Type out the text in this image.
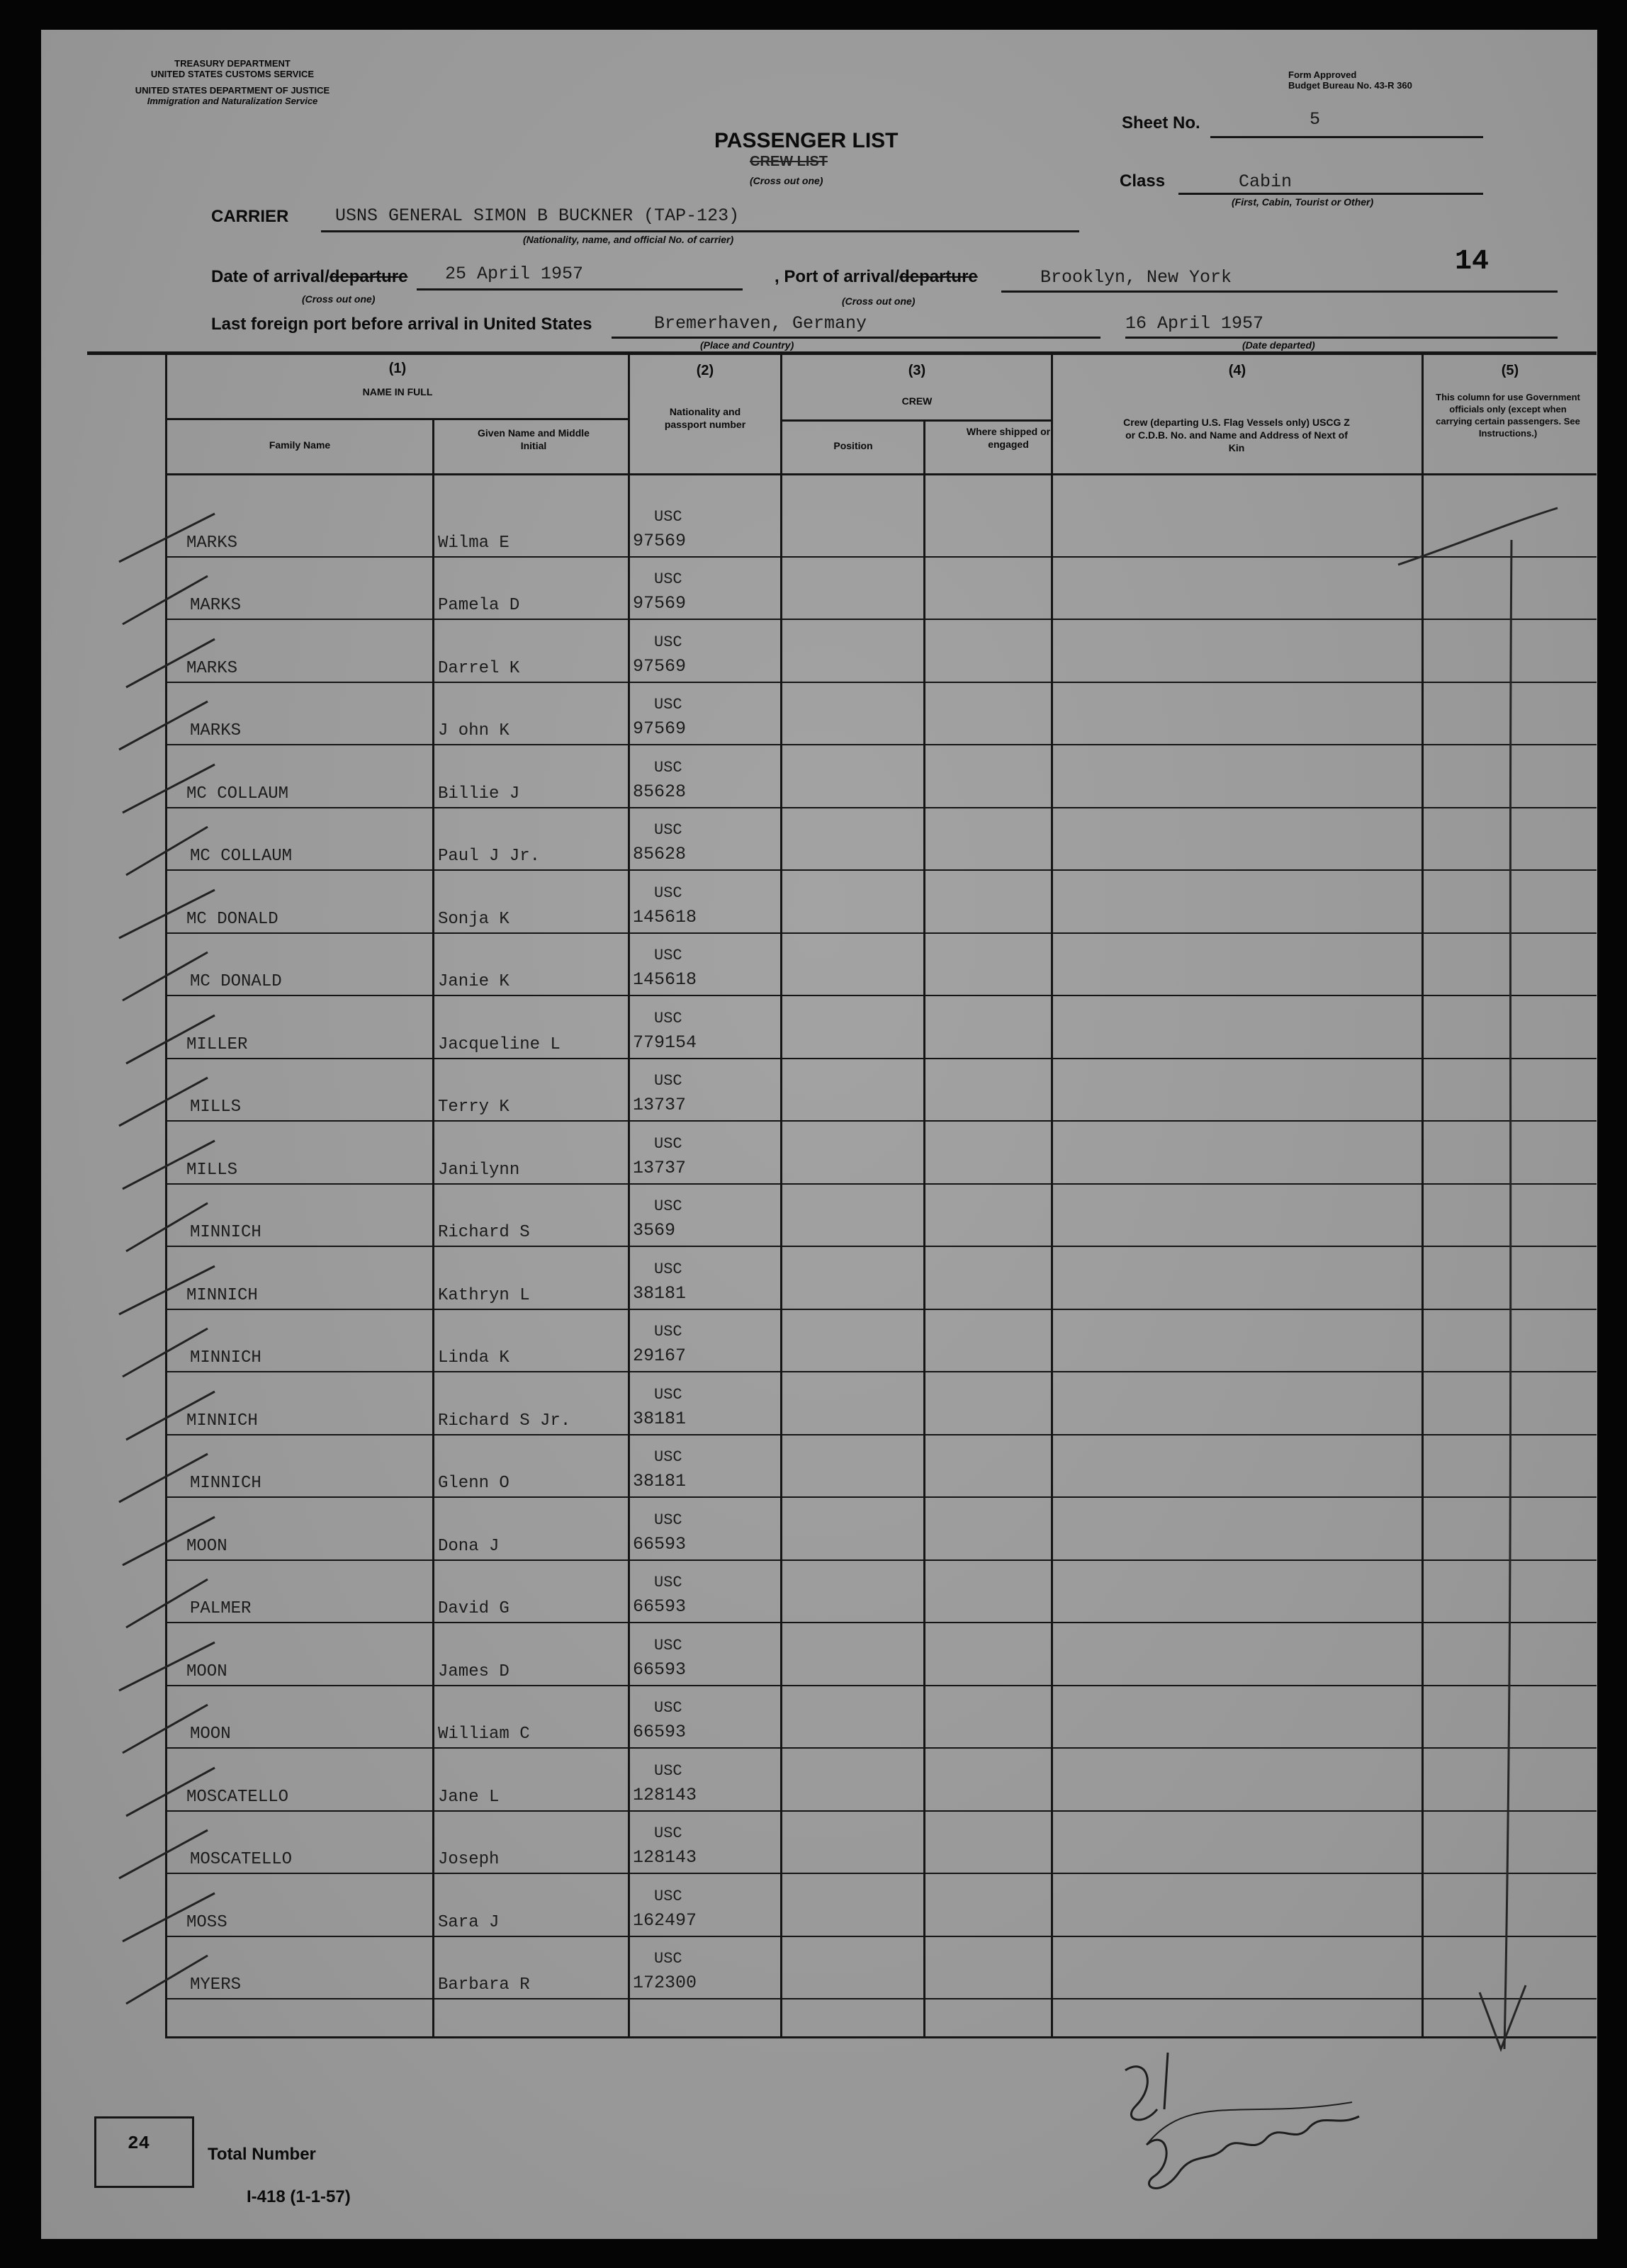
TREASURY DEPARTMENT
UNITED STATES CUSTOMS SERVICE
UNITED STATES DEPARTMENT OF JUSTICE
Immigration and Naturalization Service
Form Approved
Budget Bureau No. 43-R 360
PASSENGER LIST
CREW LIST
(Cross out one)
Sheet No.	5
Class	Cabin
(First, Cabin, Tourist or Other)
CARRIER	USNS GENERAL SIMON B BUCKNER (TAP-123)
(Nationality, name, and official No. of carrier)
14
Date of arrival/departure 25 April 1957
(Cross out one)
, Port of arrival/departure	Brooklyn, New York
(Cross out one)
Last foreign port before arrival in United States	Bremerhaven, Germany
(Place and Country)
16 April 1957
(Date departed)
(1)
NAME IN FULL
Family Name
Given Name and Middle Initial
(2)
Nationality and passport number
(3)
CREW
Position
Where shipped or engaged
(4)
Crew (departing U.S. Flag Vessels only) USCG Z or C.D.B. No. and Name and Address of Next of Kin
(5)
This column for use Government officials only (except when carrying certain passengers. See Instructions.)
MARKS	Wilma E
USC
97569
MARKS	Pamela D
USC
97569
MARKS	Darrel K
USC
97569
MARKS	J ohn K
USC
97569
MC COLLAUM	Billie J
USC
85628
MC COLLAUM	Paul J Jr.
USC
85628
MC DONALD	Sonja K
USC
145618
MC DONALD	Janie K
USC
145618
MILLER	Jacqueline L
USC
779154
MILLS	Terry K
USC
13737
MILLS	Janilynn
USC
13737
MINNICH	Richard S
USC
3569
MINNICH	Kathryn L
USC
38181
MINNICH	Linda K
USC
29167
MINNICH	Richard S Jr.
USC
38181
MINNICH	Glenn O
USC
38181
MOON	Dona J
USC
66593
PALMER	David G
USC
66593
MOON	James D
USC
66593
MOON	William C
USC
66593
MOSCATELLO	Jane L
USC
128143
MOSCATELLO	Joseph
USC
128143
MOSS	Sara J
USC
162497
MYERS	Barbara R
USC
172300
24
Total Number
I-418 (1-1-57)
